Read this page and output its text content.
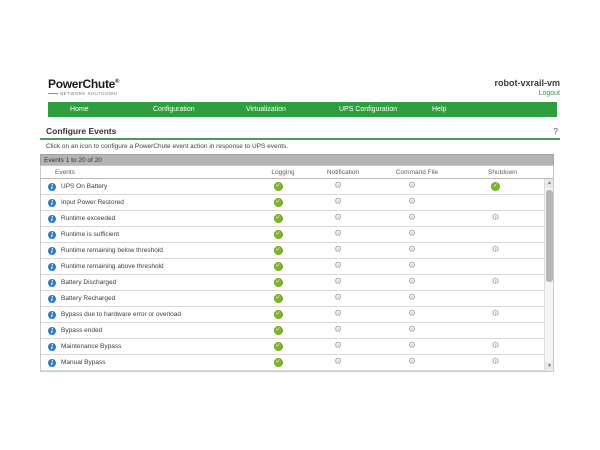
PowerChute®
NETWORK SHUTDOWN
robot-vxrail-vm
Logout
Home	Configuration	Virtualization	UPS Configuration	Help
Configure Events	?
Click on an icon to configure a PowerChute event action in response to UPS events.
Events 1 to 20 of 20
Events	Logging	Notification	Command File	Shutdown
i	UPS On Battery	✓	⚙	⚙	✓
i	Input Power Restored	✓	⚙	⚙
i	Runtime exceeded	✓	⚙	⚙	⚙
i	Runtime is sufficient	✓	⚙	⚙
i	Runtime remaining below threshold	✓	⚙	⚙	⚙
i	Runtime remaining above threshold	✓	⚙	⚙
i	Battery Discharged	✓	⚙	⚙	⚙
i	Battery Recharged	✓	⚙	⚙
i	Bypass due to hardware error or overload	✓	⚙	⚙	⚙
i	Bypass ended	✓	⚙	⚙
i	Maintenance Bypass	✓	⚙	⚙	⚙
i	Manual Bypass	✓	⚙	⚙	⚙
▲
▼
